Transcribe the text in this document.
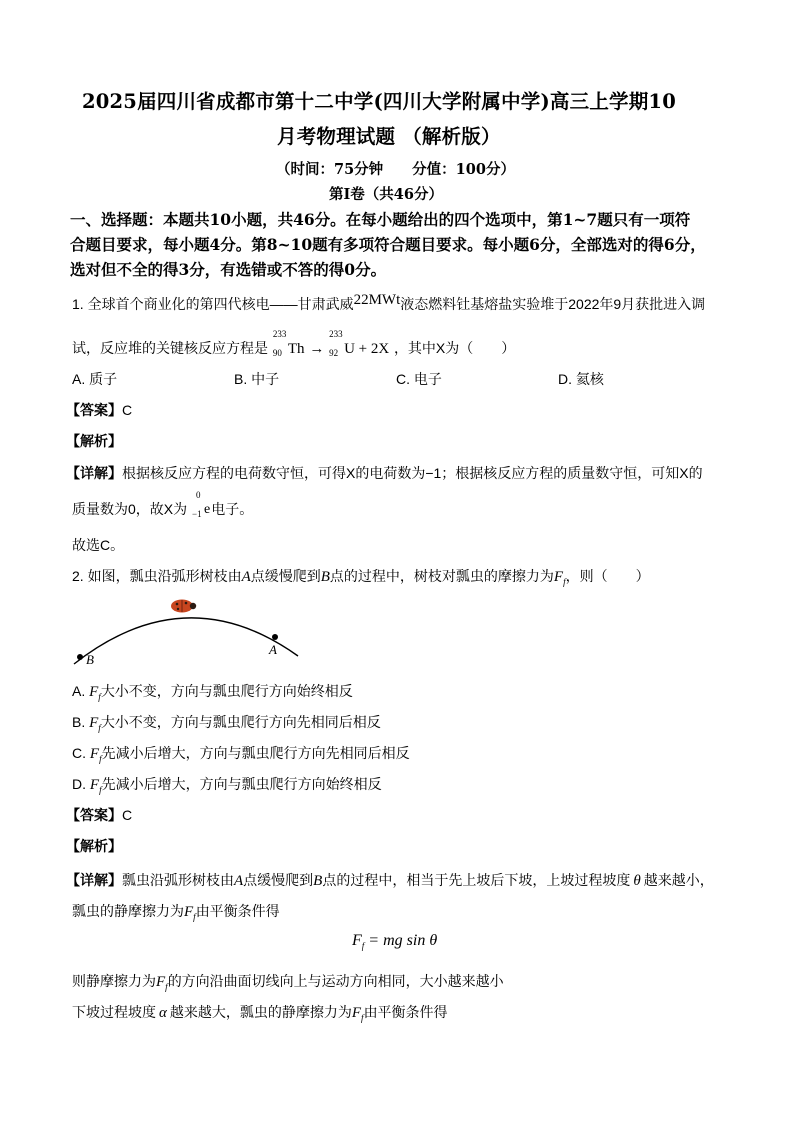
2025届四川省成都市第十二中学(四川大学附属中学)高三上学期10
月考物理试题 （解析版）
（时间：75分钟　　分值：100分）
第Ⅰ卷（共46分）
一、选择题：本题共10小题，共46分。在每小题给出的四个选项中，第1~7题只有一项符
合题目要求，每小题4分。第8~10题有多项符合题目要求。每小题6分，全部选对的得6分，
选对但不全的得3分，有选错或不答的得0分。
1. 全球首个商业化的第四代核电——甘肃武威22MWt液态燃料钍基熔盐实验堆于2022年9月获批进入调
试，反应堆的关键核反应方程是
233
90 Th →
233
92 U + 2X ，其中X为（　　）
A. 质子	B. 中子	C. 电子	D. 氦核
【答案】C
【解析】
【详解】根据核反应方程的电荷数守恒，可得X的电荷数为−1；根据核反应方程的质量数守恒，可知X的
质量数为0，故X为
0
−1 e电子。
故选C。
2. 如图，瓢虫沿弧形树枝由A点缓慢爬到B点的过程中，树枝对瓢虫的摩擦力为$F_f$，则（　　）
B
A
A. $F_f$大小不变，方向与瓢虫爬行方向始终相反
B. $F_f$大小不变，方向与瓢虫爬行方向先相同后相反
C. $F_f$先减小后增大，方向与瓢虫爬行方向先相同后相反
D. $F_f$先减小后增大，方向与瓢虫爬行方向始终相反
【答案】C
【解析】
【详解】瓢虫沿弧形树枝由A点缓慢爬到B点的过程中，相当于先上坡后下坡，上坡过程坡度 θ 越来越小，
瓢虫的静摩擦力为$F_f$由平衡条件得
$F_f$ = mg sin θ
则静摩擦力为$F_f$的方向沿曲面切线向上与运动方向相同，大小越来越小
下坡过程坡度 α 越来越大，瓢虫的静摩擦力为$F_f$由平衡条件得
